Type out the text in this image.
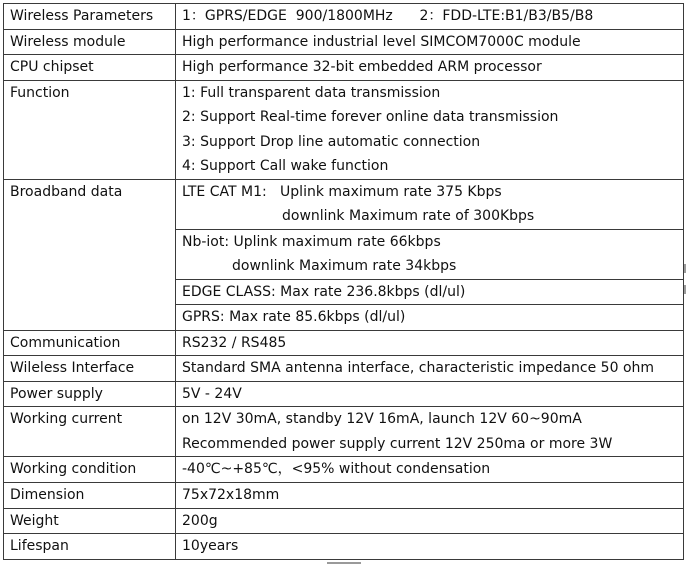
Wireless Parameters	1：GPRS/EDGE  900/1800MHz      2：FDD-LTE:B1/B3/B5/B8

Wireless module	High performance industrial level SIMCOM7000C module

CPU chipset	High performance 32-bit embedded ARM processor

Function	1: Full transparent data transmission
2: Support Real-time forever online data transmission
3: Support Drop line automatic connection
4: Support Call wake function

Broadband data	LTE CAT M1:   Uplink maximum rate 375 Kbps
downlink Maximum rate of 300Kbps

	Nb-iot: Uplink maximum rate 66kbps
downlink Maximum rate 34kbps

	EDGE CLASS: Max rate 236.8kbps (dl/ul)

	GPRS: Max rate 85.6kbps (dl/ul)

Communication	RS232 / RS485

Wileless Interface	Standard SMA antenna interface, characteristic impedance 50 ohm

Power supply	5V - 24V

Working current	on 12V 30mA, standby 12V 16mA, launch 12V 60~90mA
Recommended power supply current 12V 250ma or more 3W

Working condition	-40℃~+85℃，<95% without condensation

Dimension	75x72x18mm

Weight	200g

Lifespan	10years
